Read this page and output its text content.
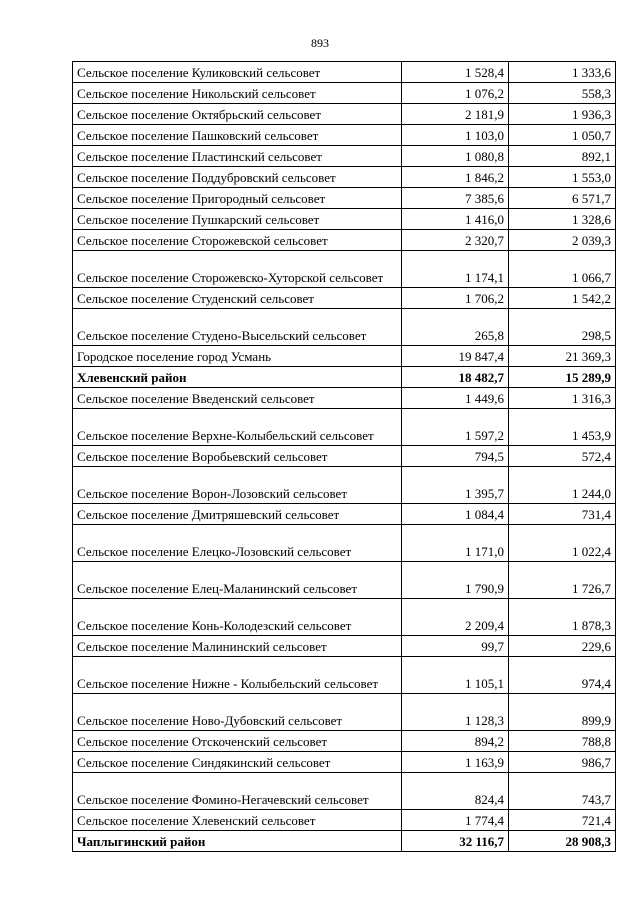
893
Сельское поселение Куликовский сельсовет	1 528,4	1 333,6
Сельское поселение Никольский сельсовет	1 076,2	558,3
Сельское поселение Октябрьский сельсовет	2 181,9	1 936,3
Сельское поселение Пашковский сельсовет	1 103,0	1 050,7
Сельское поселение Пластинский сельсовет	1 080,8	892,1
Сельское поселение Поддубровский сельсовет	1 846,2	1 553,0
Сельское поселение Пригородный сельсовет	7 385,6	6 571,7
Сельское поселение Пушкарский сельсовет	1 416,0	1 328,6
Сельское поселение Сторожевской сельсовет	2 320,7	2 039,3
Сельское поселение Сторожевско-Хуторской сельсовет	1 174,1	1 066,7
Сельское поселение Студенский сельсовет	1 706,2	1 542,2
Сельское поселение Студено-Высельский сельсовет	265,8	298,5
Городское поселение город Усмань	19 847,4	21 369,3
Хлевенский район	18 482,7	15 289,9
Сельское поселение Введенский сельсовет	1 449,6	1 316,3
Сельское поселение Верхне-Колыбельский сельсовет	1 597,2	1 453,9
Сельское поселение Воробьевский сельсовет	794,5	572,4
Сельское поселение Ворон-Лозовский сельсовет	1 395,7	1 244,0
Сельское поселение Дмитряшевский сельсовет	1 084,4	731,4
Сельское поселение Елецко-Лозовский сельсовет	1 171,0	1 022,4
Сельское поселение Елец-Маланинский сельсовет	1 790,9	1 726,7
Сельское поселение Конь-Колодезский сельсовет	2 209,4	1 878,3
Сельское поселение Малининский сельсовет	99,7	229,6
Сельское поселение Нижне - Колыбельский сельсовет	1 105,1	974,4
Сельское поселение Ново-Дубовский сельсовет	1 128,3	899,9
Сельское поселение Отскоченский сельсовет	894,2	788,8
Сельское поселение Синдякинский сельсовет	1 163,9	986,7
Сельское поселение Фомино-Негачевский сельсовет	824,4	743,7
Сельское поселение Хлевенский сельсовет	1 774,4	721,4
Чаплыгинский район	32 116,7	28 908,3
